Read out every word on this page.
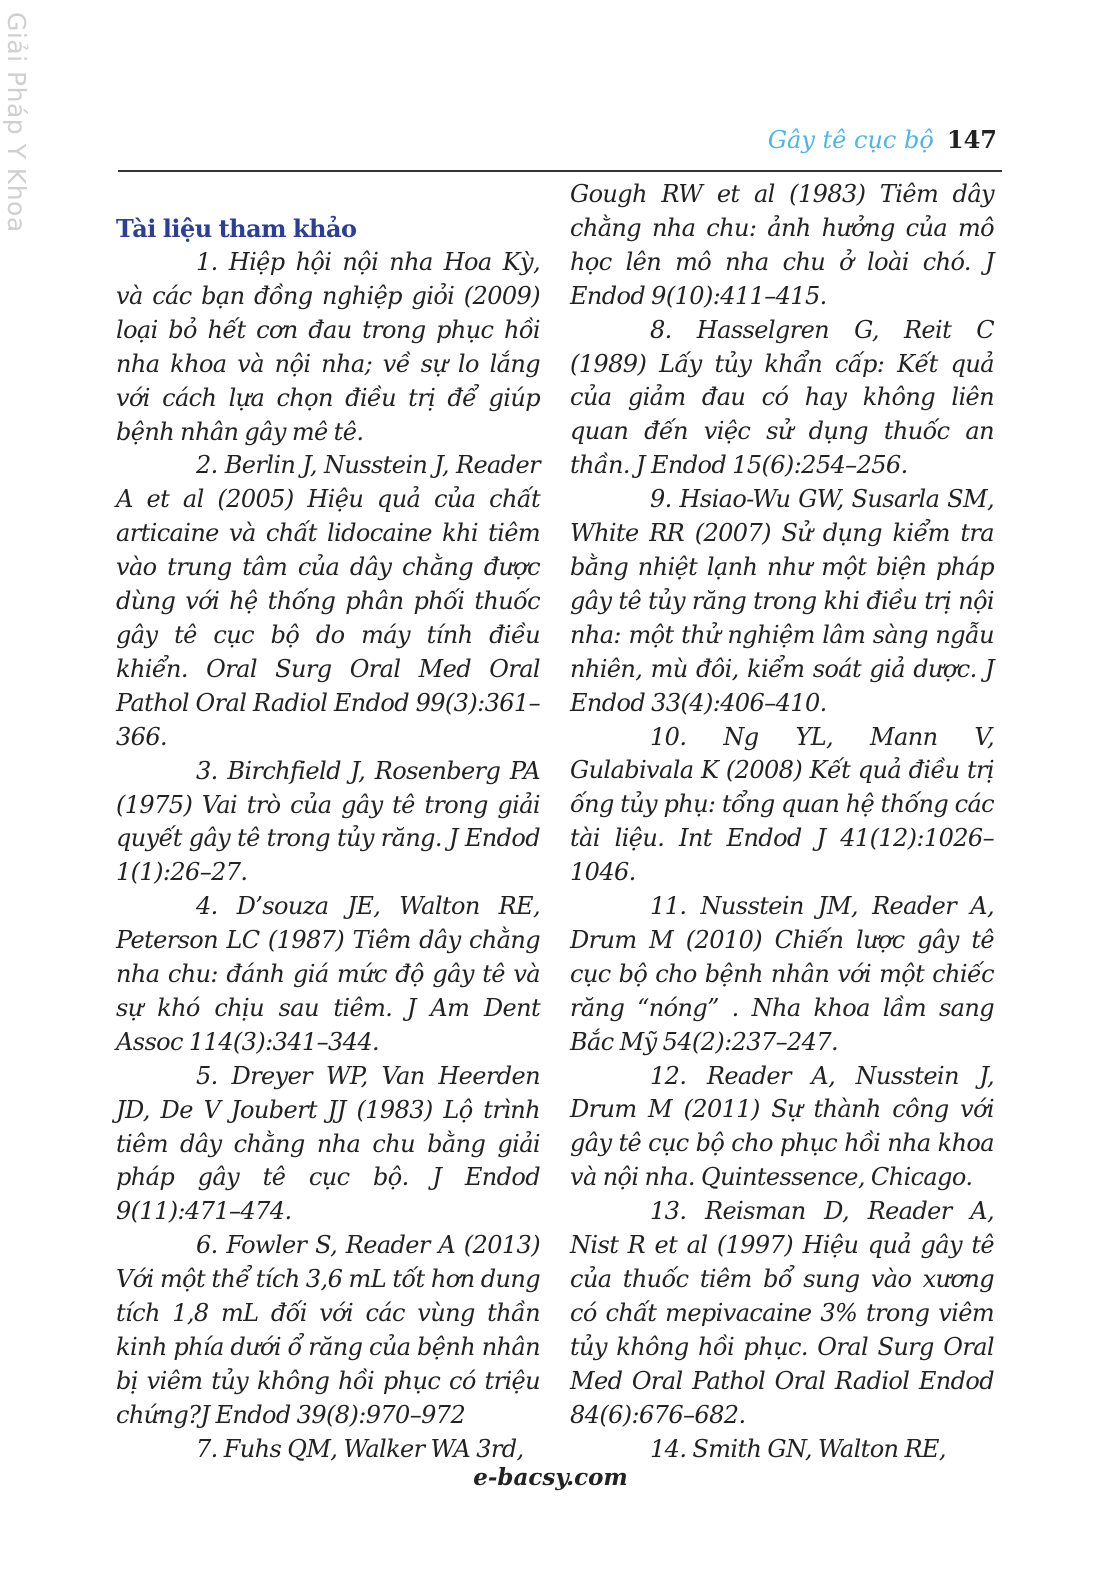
Giải Pháp Y Khoa	Gây tê cục bộ 147
Tài liệu tham khảo

1. Hiệp hội nội nha Hoa Kỳ, và các bạn đồng nghiệp giỏi (2009) loại bỏ hết cơn đau trong phục hồi nha khoa và nội nha; về sự lo lắng với cách lựa chọn điều trị để giúp bệnh nhân gây mê tê.

2. Berlin J, Nusstein J, Reader A et al (2005) Hiệu quả của chất articaine và chất lidocaine khi tiêm vào trung tâm của dây chằng được dùng với hệ thống phân phối thuốc gây tê cục bộ do máy tính điều khiển. Oral Surg Oral Med Oral Pathol Oral Radiol Endod 99(3):361–366.

3. Birchfield J, Rosenberg PA (1975) Vai trò của gây tê trong giải quyết gây tê trong tủy răng. J Endod 1(1):26–27.

4. D’souza JE, Walton RE, Peterson LC (1987) Tiêm dây chằng nha chu: đánh giá mức độ gây tê và sự khó chịu sau tiêm. J Am Dent Assoc 114(3):341–344.

5. Dreyer WP, Van Heerden JD, De V Joubert JJ (1983) Lộ trình tiêm dây chằng nha chu bằng giải pháp gây tê cục bộ. J Endod 9(11):471–474.

6. Fowler S, Reader A (2013) Với một thể tích 3,6 mL tốt hơn dung tích 1,8 mL đối với các vùng thần kinh phía dưới ổ răng của bệnh nhân bị viêm tủy không hồi phục có triệu chứng?J Endod 39(8):970–972

7. Fuhs QM, Walker WA 3rd,

Gough RW et al (1983) Tiêm dây chằng nha chu: ảnh hưởng của mô học lên mô nha chu ở loài chó. J Endod 9(10):411–415.

8. Hasselgren G, Reit C (1989) Lấy tủy khẩn cấp: Kết quả của giảm đau có hay không liên quan đến việc sử dụng thuốc an thần. J Endod 15(6):254–256.

9. Hsiao-Wu GW, Susarla SM, White RR (2007) Sử dụng kiểm tra bằng nhiệt lạnh như một biện pháp gây tê tủy răng trong khi điều trị nội nha: một thử nghiệm lâm sàng ngẫu nhiên, mù đôi, kiểm soát giả dược. J Endod 33(4):406–410.

10. Ng YL, Mann V, Gulabivala K (2008) Kết quả điều trị ống tủy phụ: tổng quan hệ thống các tài liệu. Int Endod J 41(12):1026–1046.

11. Nusstein JM, Reader A, Drum M (2010) Chiến lược gây tê cục bộ cho bệnh nhân với một chiếc răng “nóng” . Nha khoa lầm sang Bắc Mỹ 54(2):237–247.

12. Reader A, Nusstein J, Drum M (2011) Sự thành công với gây tê cục bộ cho phục hồi nha khoa và nội nha. Quintessence, Chicago.

13. Reisman D, Reader A, Nist R et al (1997) Hiệu quả gây tê của thuốc tiêm bổ sung vào xương có chất mepivacaine 3% trong viêm tủy không hồi phục. Oral Surg Oral Med Oral Pathol Oral Radiol Endod 84(6):676–682.

14. Smith GN, Walton RE,

e-bacsy.com
